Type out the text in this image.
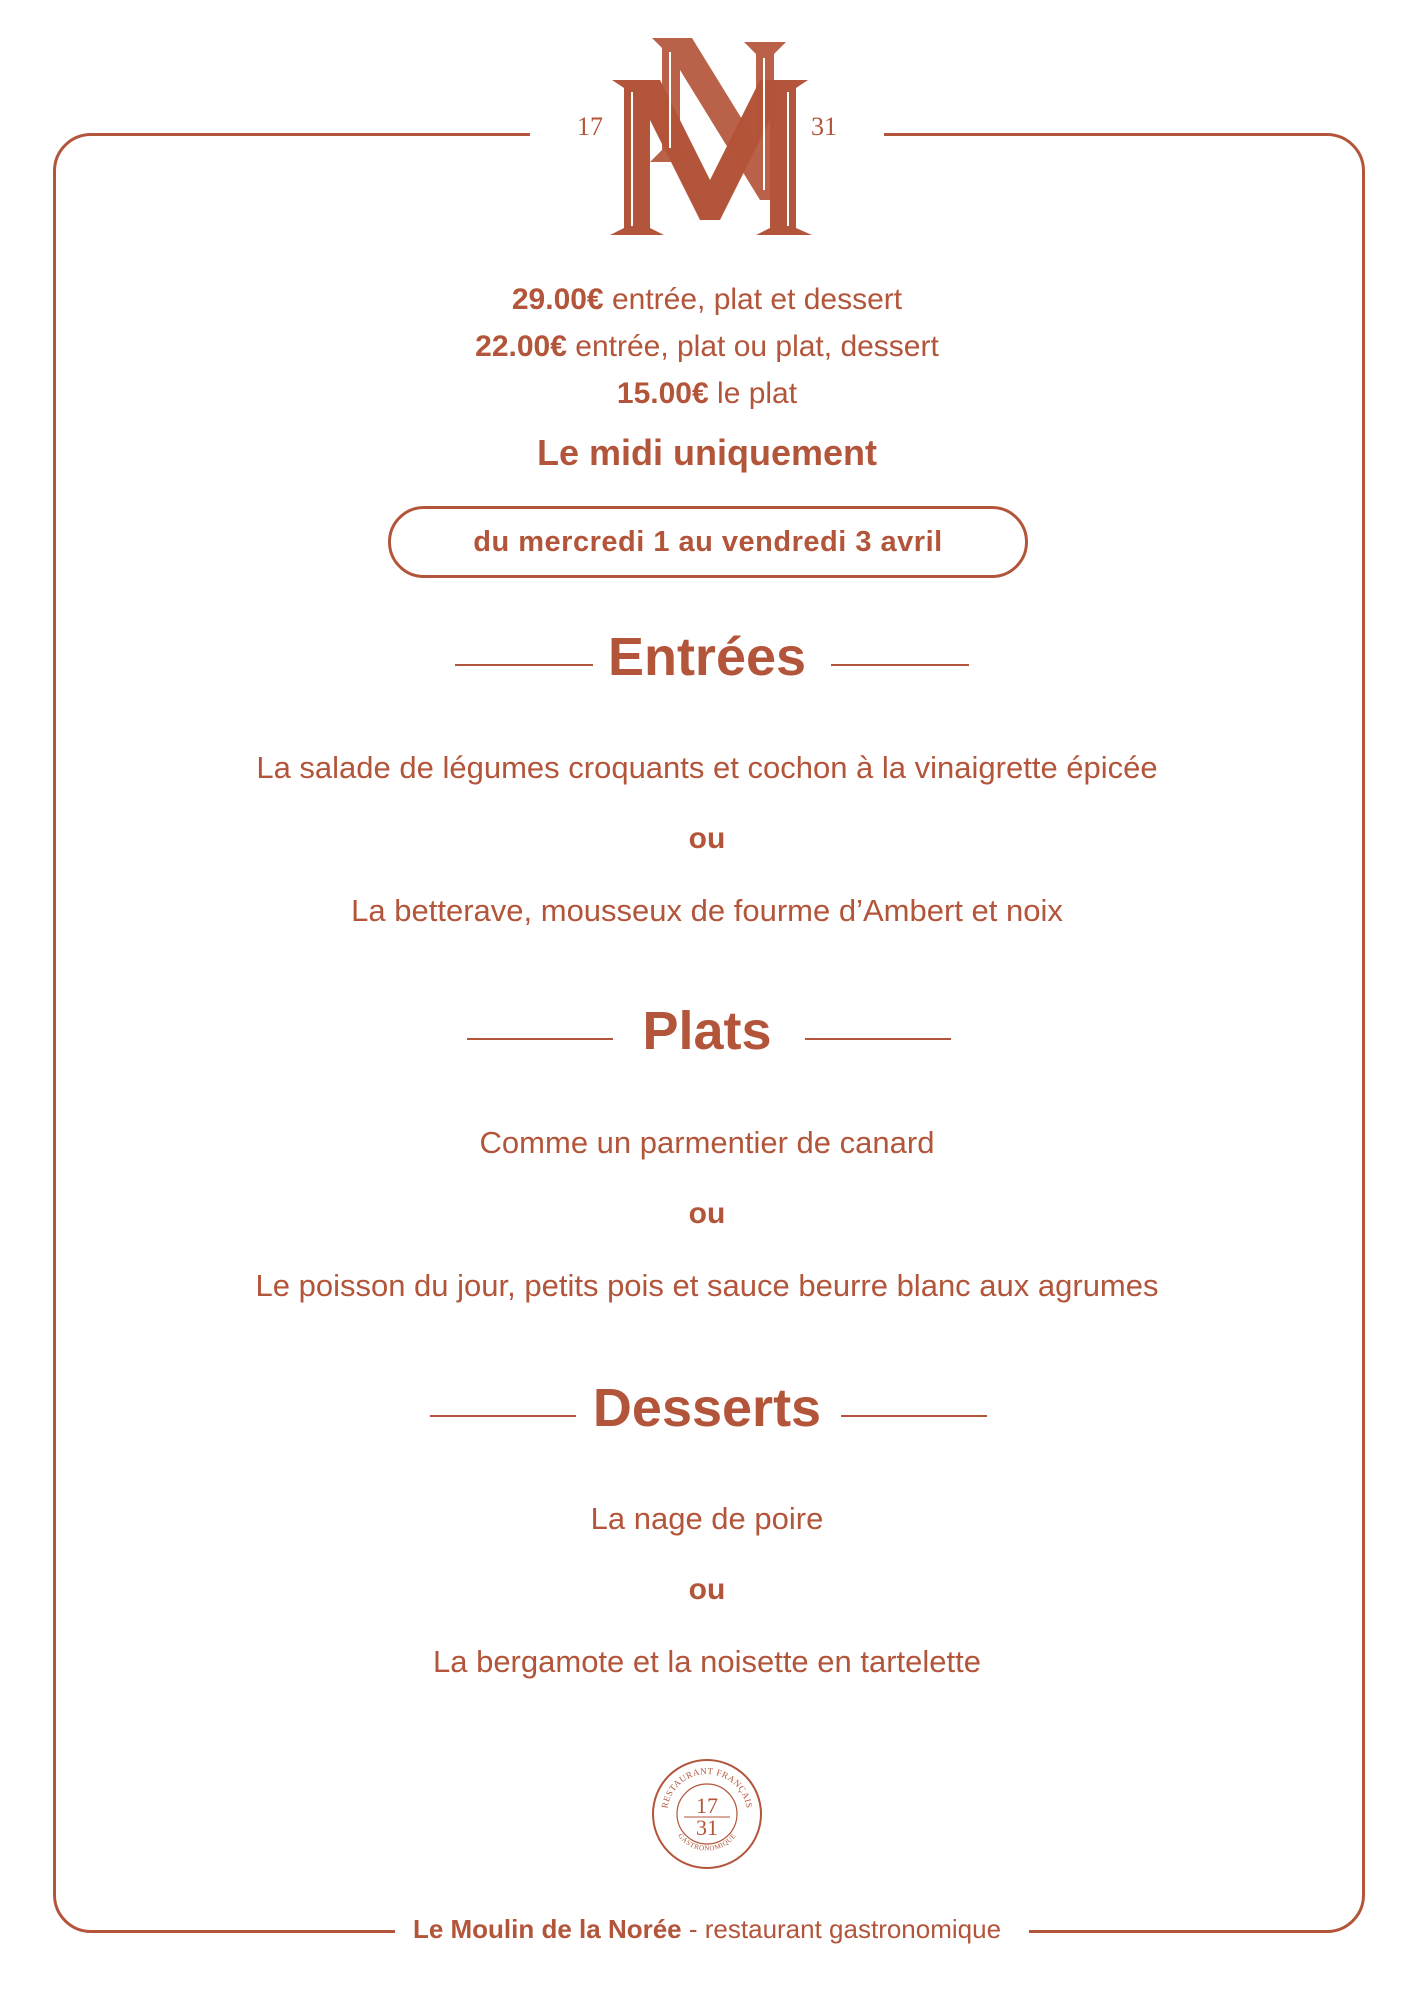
17	31
29.00€ entrée, plat et dessert
22.00€ entrée, plat ou plat, dessert
15.00€ le plat
Le midi uniquement
du mercredi 1 au vendredi 3 avril
Entrées
La salade de légumes croquants et cochon à la vinaigrette épicée
ou
La betterave, mousseux de fourme d’Ambert et noix
Plats
Comme un parmentier de canard
ou
Le poisson du jour, petits pois et sauce beurre blanc aux agrumes
Desserts
La nage de poire
ou
La bergamote et la noisette en tartelette
RESTAURANT FRANÇAIS
GASTRONOMIQUE
17
31
Le Moulin de la Norée - restaurant gastronomique
